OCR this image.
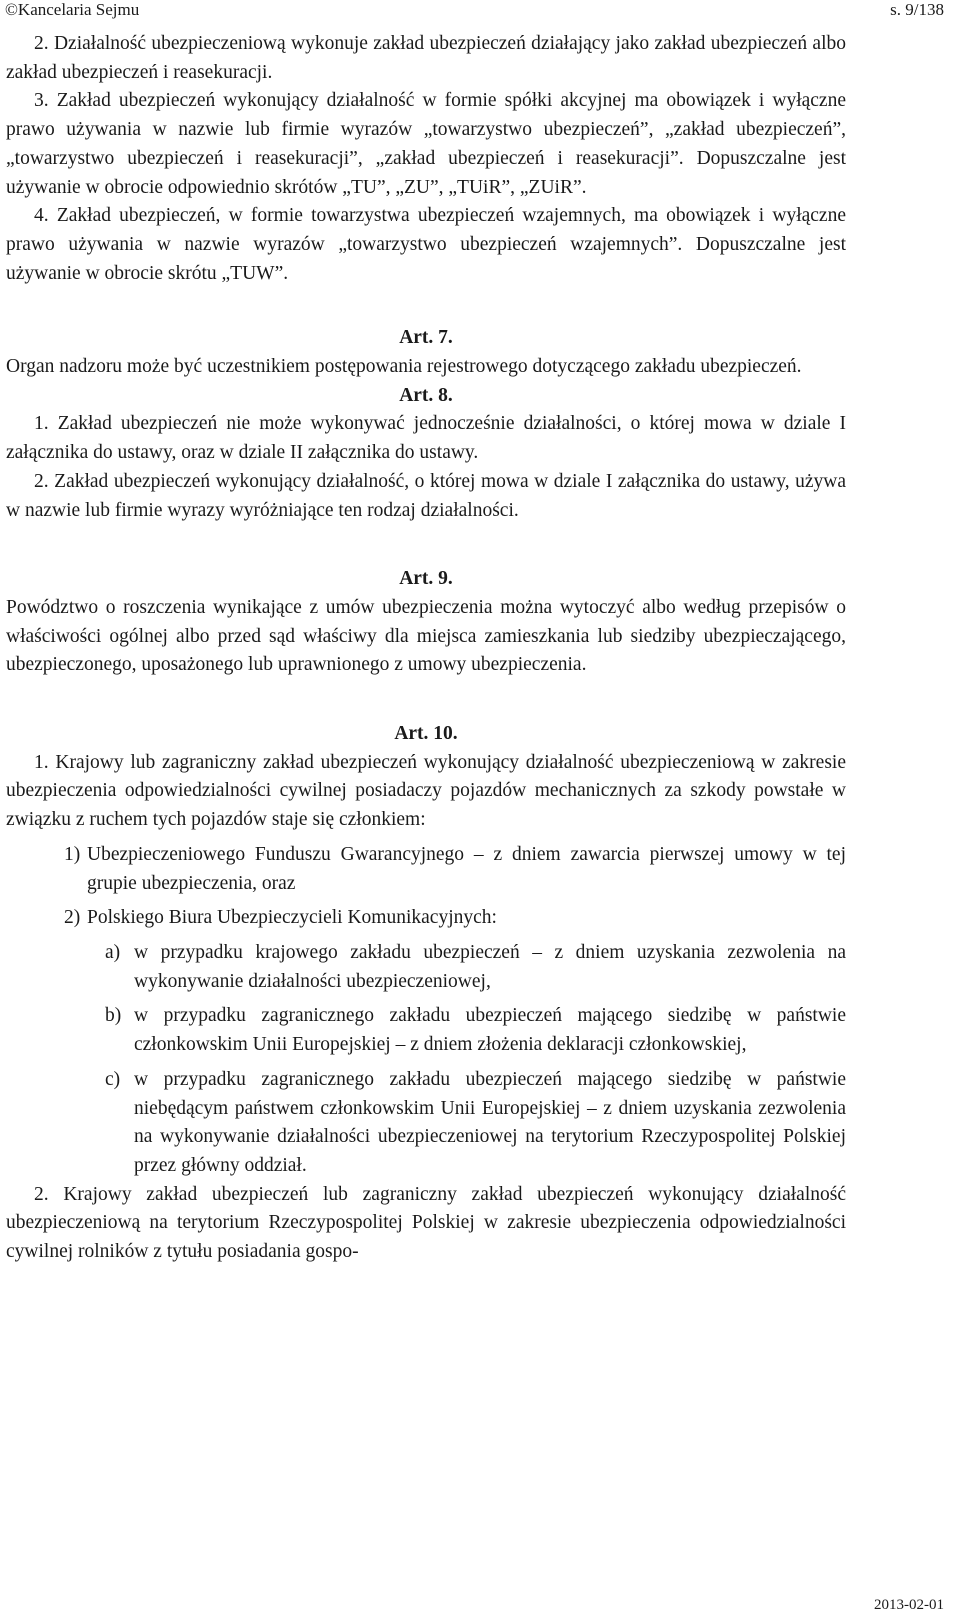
©Kancelaria Sejmu	s. 9/138

2. Działalność ubezpieczeniową wykonuje zakład ubezpieczeń działający jako zakład ubezpieczeń albo zakład ubezpieczeń i reasekuracji.

3. Zakład ubezpieczeń wykonujący działalność w formie spółki akcyjnej ma obowiązek i wyłączne prawo używania w nazwie lub firmie wyrazów „towarzystwo ubezpieczeń”, „zakład ubezpieczeń”, „towarzystwo ubezpieczeń i reasekuracji”, „zakład ubezpieczeń i reasekuracji”. Dopuszczalne jest używanie w obrocie odpowiednio skrótów „TU”, „ZU”, „TUiR”, „ZUiR”.

4. Zakład ubezpieczeń, w formie towarzystwa ubezpieczeń wzajemnych, ma obowiązek i wyłączne prawo używania w nazwie wyrazów „towarzystwo ubezpieczeń wzajemnych”. Dopuszczalne jest używanie w obrocie skrótu „TUW”.

Art. 7.

Organ nadzoru może być uczestnikiem postępowania rejestrowego dotyczącego zakładu ubezpieczeń.

Art. 8.

1. Zakład ubezpieczeń nie może wykonywać jednocześnie działalności, o której mowa w dziale I załącznika do ustawy, oraz w dziale II załącznika do ustawy.

2. Zakład ubezpieczeń wykonujący działalność, o której mowa w dziale I załącznika do ustawy, używa w nazwie lub firmie wyrazy wyróżniające ten rodzaj działalności.

Art. 9.

Powództwo o roszczenia wynikające z umów ubezpieczenia można wytoczyć albo według przepisów o właściwości ogólnej albo przed sąd właściwy dla miejsca zamieszkania lub siedziby ubezpieczającego, ubezpieczonego, uposażonego lub uprawnionego z umowy ubezpieczenia.

Art. 10.

1. Krajowy lub zagraniczny zakład ubezpieczeń wykonujący działalność ubezpieczeniową w zakresie ubezpieczenia odpowiedzialności cywilnej posiadaczy pojazdów mechanicznych za szkody powstałe w związku z ruchem tych pojazdów staje się członkiem:

1) Ubezpieczeniowego Funduszu Gwarancyjnego – z dniem zawarcia pierwszej umowy w tej grupie ubezpieczenia, oraz
2) Polskiego Biura Ubezpieczycieli Komunikacyjnych:
a) w przypadku krajowego zakładu ubezpieczeń – z dniem uzyskania zezwolenia na wykonywanie działalności ubezpieczeniowej,
b) w przypadku zagranicznego zakładu ubezpieczeń mającego siedzibę w państwie członkowskim Unii Europejskiej – z dniem złożenia deklaracji członkowskiej,
c) w przypadku zagranicznego zakładu ubezpieczeń mającego siedzibę w państwie niebędącym państwem członkowskim Unii Europejskiej – z dniem uzyskania zezwolenia na wykonywanie działalności ubezpieczeniowej na terytorium Rzeczypospolitej Polskiej przez główny oddział.

2. Krajowy zakład ubezpieczeń lub zagraniczny zakład ubezpieczeń wykonujący działalność ubezpieczeniową na terytorium Rzeczypospolitej Polskiej w zakresie ubezpieczenia odpowiedzialności cywilnej rolników z tytułu posiadania gospo-

2013-02-01
